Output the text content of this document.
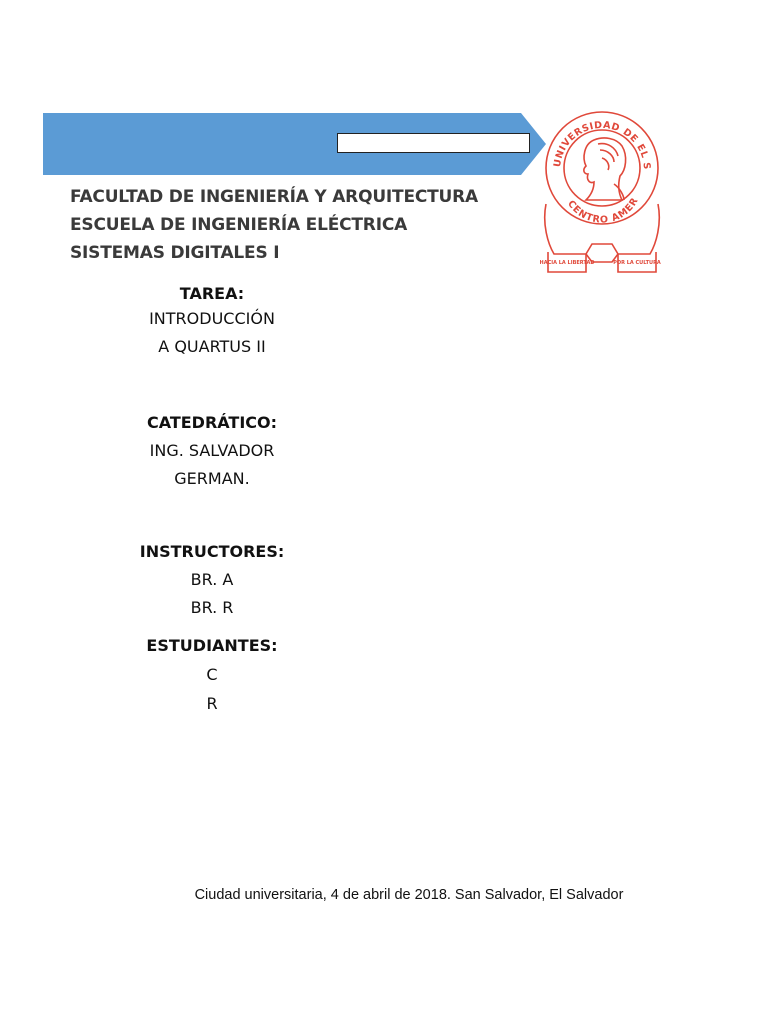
UNIVERSIDAD DE EL S
CENTRO AMER
HACIA LA LIBERTAD	POR LA CULTURA
FACULTAD DE INGENIERÍA Y ARQUITECTURA
ESCUELA DE INGENIERÍA ELÉCTRICA
SISTEMAS DIGITALES I
TAREA:
INTRODUCCIÓN
A QUARTUS II
CATEDRÁTICO:
ING. SALVADOR
GERMAN.
INSTRUCTORES:
BR. A
BR. R
ESTUDIANTES:
C
R
Ciudad universitaria, 4 de abril de 2018. San Salvador, El Salvador
